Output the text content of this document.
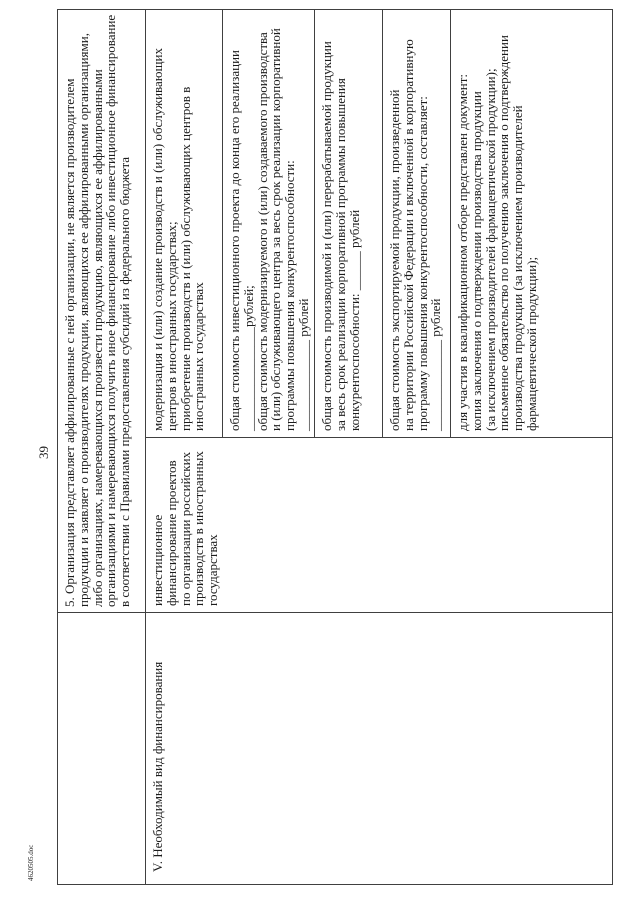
39
4620505.doc
5. Организация представляет аффилированные с ней организации, не является производителем
продукции и заявляет о производителях продукции, являющихся ее аффилированными организациями,
либо организациях, намеревающихся произвести продукцию, являющихся ее аффилированными
организациями и намеревающихся получить иное финансирование либо инвестиционное финансирование
в соответствии с Правилами предоставления субсидий из федерального бюджета
V. Необходимый вид финансирования
инвестиционное
финансирование проектов
по организации российских
производств в иностранных
государствах
модернизация и (или) создание производств и (или) обслуживающих
центров в иностранных государствах;
приобретение производств и (или) обслуживающих центров в
иностранных государствах общая стоимость инвестиционного проекта до конца его реализации
________________рублей;
общая стоимость модернизируемого и (или) создаваемого производства
и (или) обслуживающего центра за весь срок реализации корпоративной
программы повышения конкурентоспособности:
______________ рублей общая стоимость производимой и (или) перерабатываемой продукции
за весь срок реализации корпоративной программы повышения
конкурентоспособности: ______ рублей общая стоимость экспортируемой продукции, произведенной
на территории Российской Федерации и включенной в корпоративную
программу повышения конкурентоспособности, составляет:
______________ рублей для участия в квалификационном отборе представлен документ:
копия заключения о подтверждении производства продукции
(за исключением производителей фармацевтической продукции);
письменное обязательство по получению заключения о подтверждении
производства продукции (за исключением производителей
фармацевтической продукции);
